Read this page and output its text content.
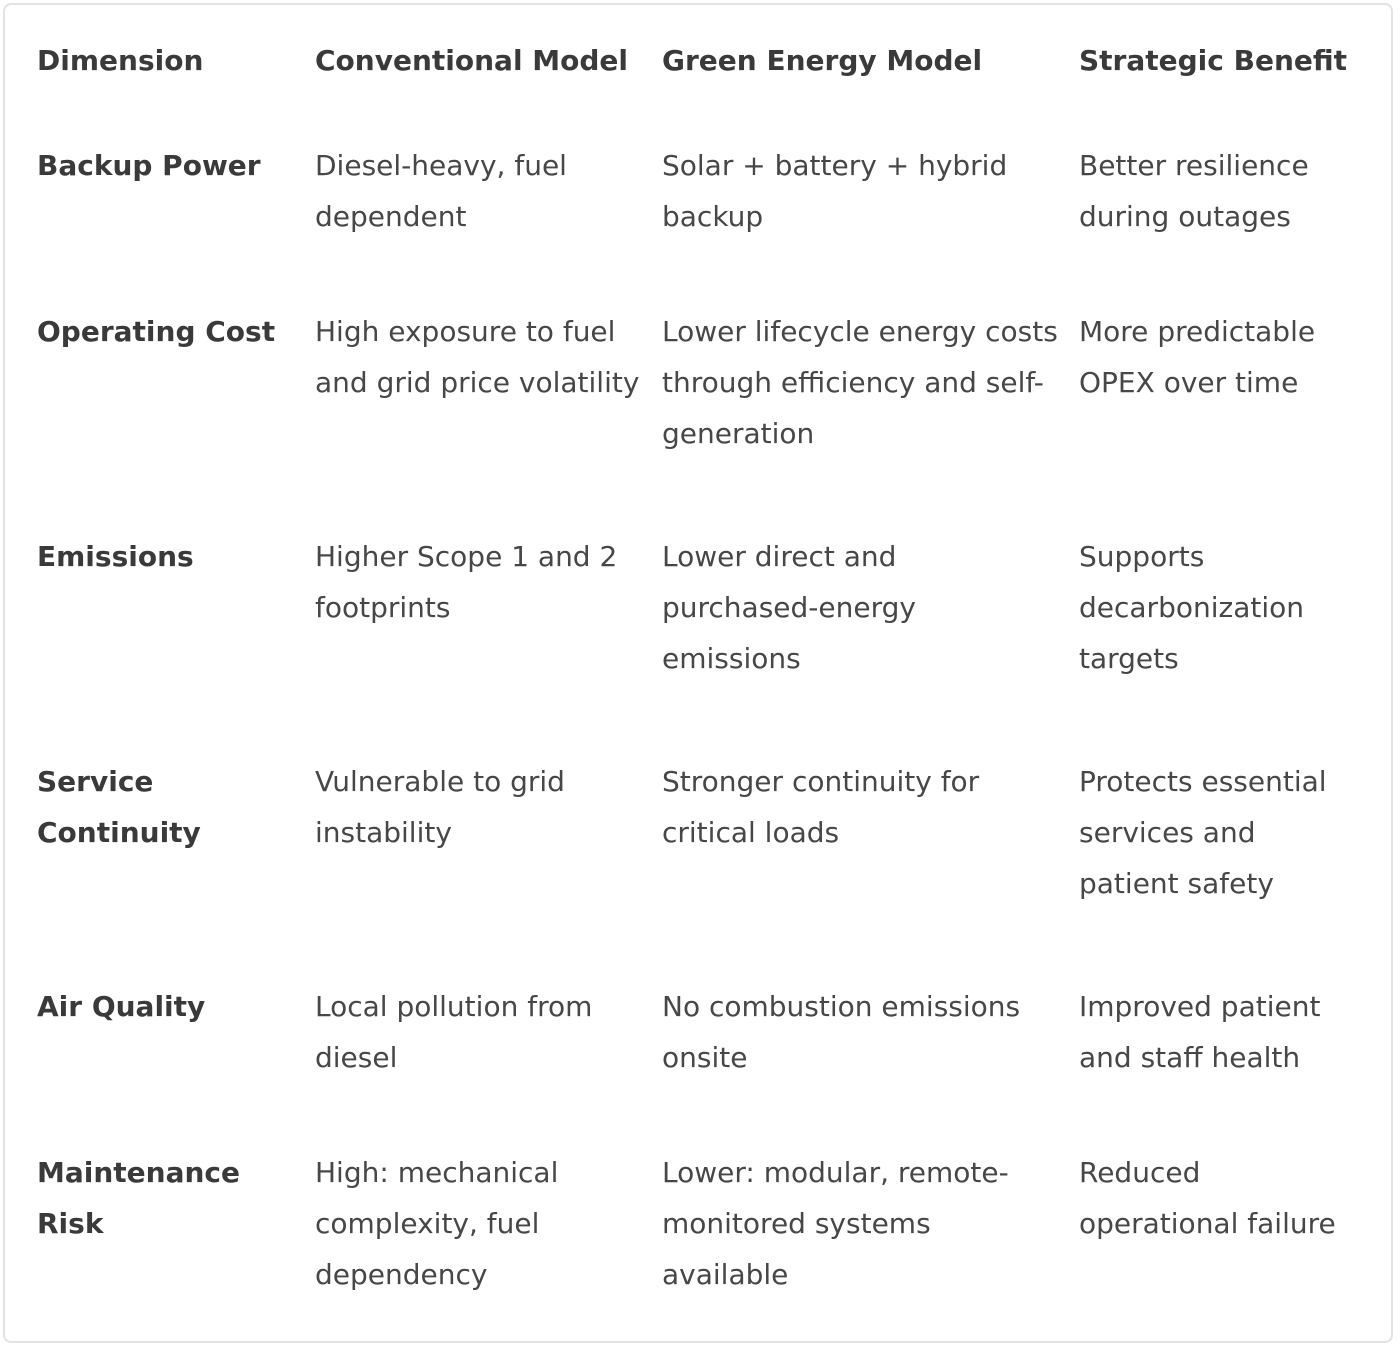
Dimension	Conventional Model	Green Energy Model	Strategic Benefit
Backup Power	Diesel-heavy, fuel dependent	Solar + battery + hybrid backup	Better resilience during outages
Operating Cost	High exposure to fuel and grid price volatility	Lower lifecycle energy costs through efficiency and self-generation	More predictable OPEX over time
Emissions	Higher Scope 1 and 2 footprints	Lower direct and purchased-energy emissions	Supports decarbonization targets
Service Continuity	Vulnerable to grid instability	Stronger continuity for critical loads	Protects essential services and patient safety
Air Quality	Local pollution from diesel	No combustion emissions onsite	Improved patient and staff health
Maintenance Risk	High: mechanical complexity, fuel dependency	Lower: modular, remote-monitored systems available	Reduced operational failure
